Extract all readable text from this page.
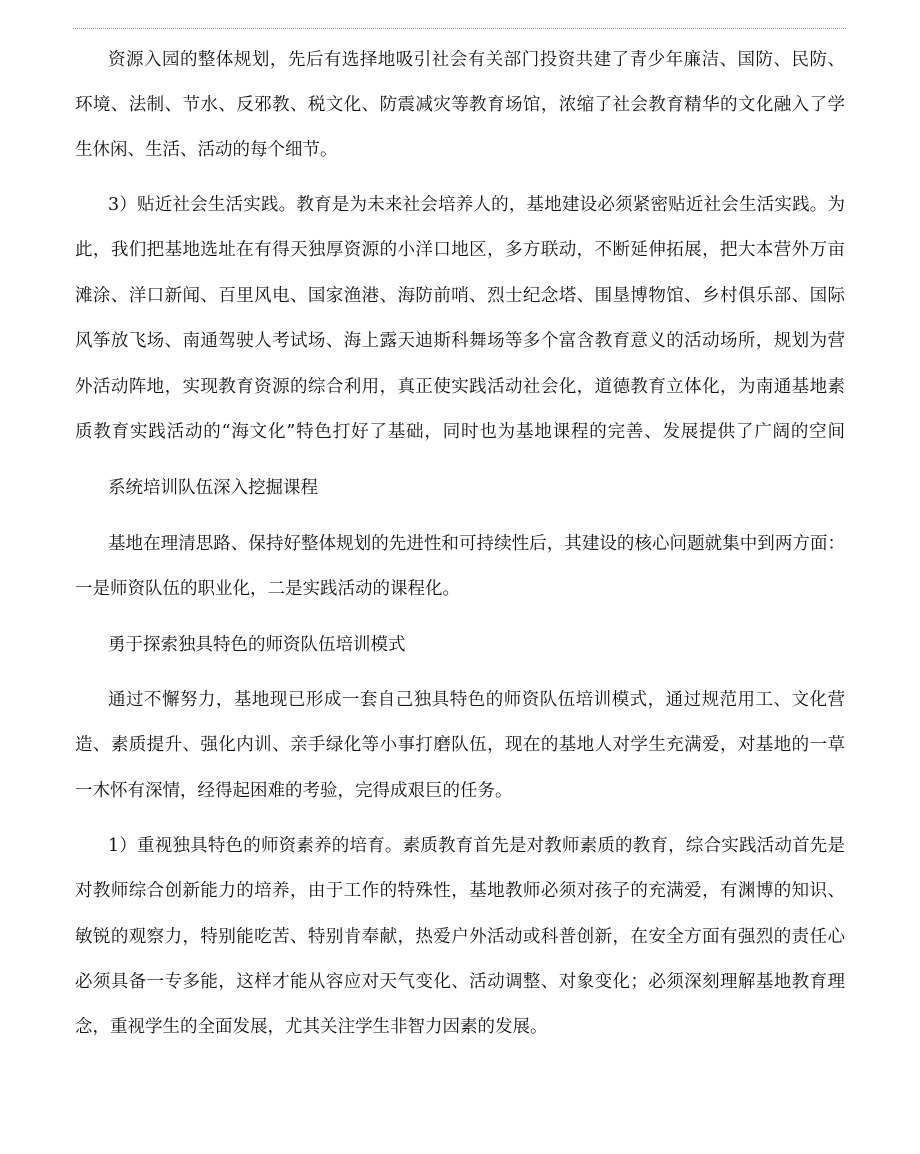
资源入园的整体规划，先后有选择地吸引社会有关部门投资共建了青少年廉洁、国防、民防、
环境、法制、节水、反邪教、税文化、防震减灾等教育场馆，浓缩了社会教育精华的文化融入了学
生休闲、生活、活动的每个细节。
3）贴近社会生活实践。教育是为未来社会培养人的，基地建设必须紧密贴近社会生活实践。为
此，我们把基地选址在有得天独厚资源的小洋口地区，多方联动，不断延伸拓展，把大本营外万亩
滩涂、洋口新闻、百里风电、国家渔港、海防前哨、烈士纪念塔、围垦博物馆、乡村俱乐部、国际
风筝放飞场、南通驾驶人考试场、海上露天迪斯科舞场等多个富含教育意义的活动场所，规划为营
外活动阵地，实现教育资源的综合利用，真正使实践活动社会化，道德教育立体化，为南通基地素
质教育实践活动的“海文化”特色打好了基础，同时也为基地课程的完善、发展提供了广阔的空间
系统培训队伍深入挖掘课程
基地在理清思路、保持好整体规划的先进性和可持续性后，其建设的核心问题就集中到两方面：
一是师资队伍的职业化，二是实践活动的课程化。
勇于探索独具特色的师资队伍培训模式
通过不懈努力，基地现已形成一套自己独具特色的师资队伍培训模式，通过规范用工、文化营
造、素质提升、强化内训、亲手绿化等小事打磨队伍，现在的基地人对学生充满爱，对基地的一草
一木怀有深情，经得起困难的考验，完得成艰巨的任务。
1）重视独具特色的师资素养的培育。素质教育首先是对教师素质的教育，综合实践活动首先是
对教师综合创新能力的培养，由于工作的特殊性，基地教师必须对孩子的充满爱，有渊博的知识、
敏锐的观察力，特别能吃苦、特别肯奉献，热爱户外活动或科普创新，在安全方面有强烈的责任心
必须具备一专多能，这样才能从容应对天气变化、活动调整、对象变化；必须深刻理解基地教育理
念，重视学生的全面发展，尤其关注学生非智力因素的发展。
